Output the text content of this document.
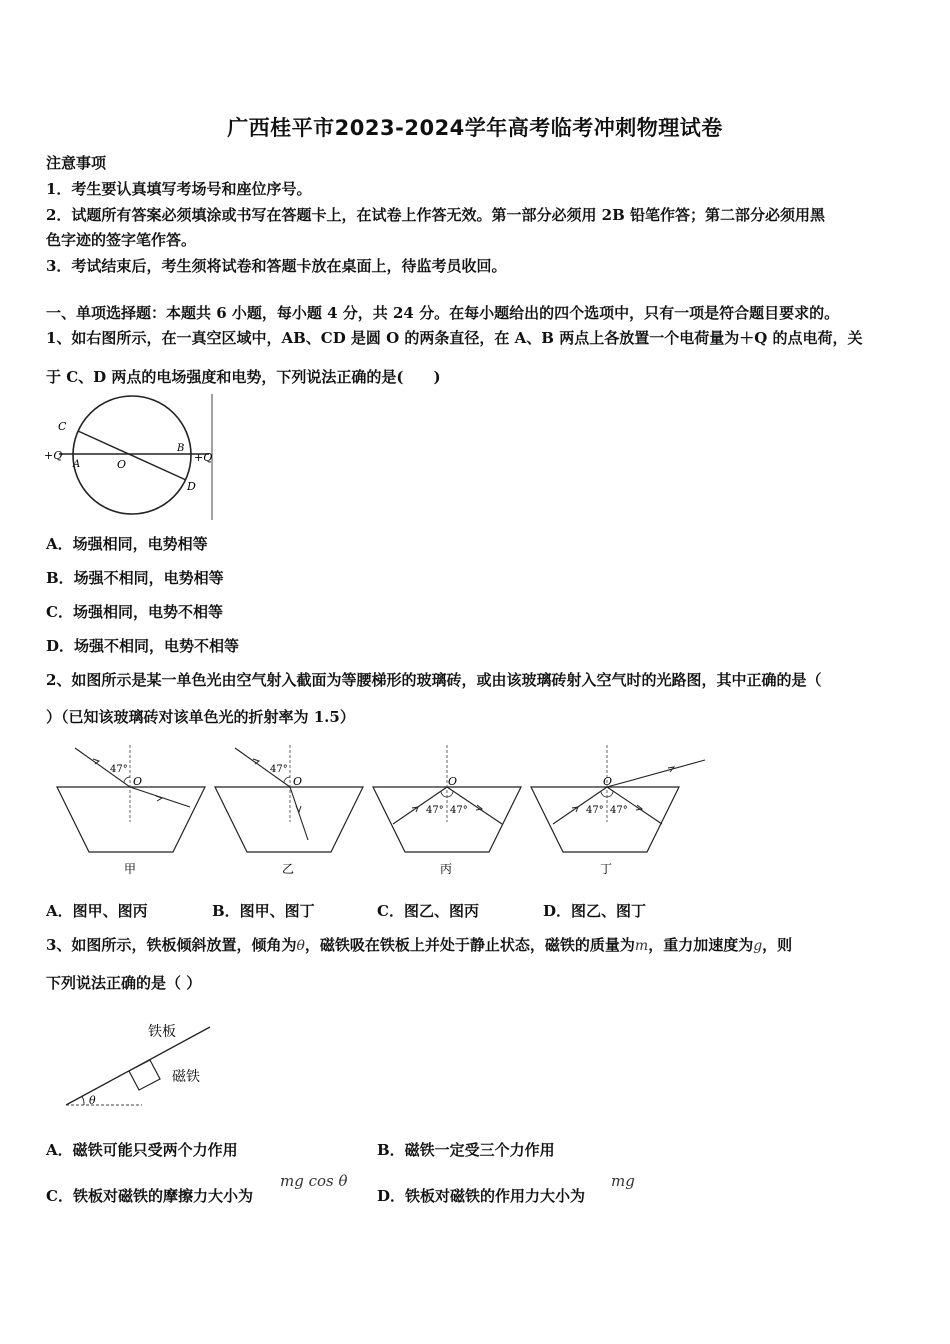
广西桂平市2023-2024学年高考临考冲刺物理试卷
注意事项
1．考生要认真填写考场号和座位序号。
2．试题所有答案必须填涂或书写在答题卡上，在试卷上作答无效。第一部分必须用 2B 铅笔作答；第二部分必须用黑
色字迹的签字笔作答。
3．考试结束后，考生须将试卷和答题卡放在桌面上，待监考员收回。
一、单项选择题：本题共 6 小题，每小题 4 分，共 24 分。在每小题给出的四个选项中，只有一项是符合题目要求的。
1、如右图所示，在一真空区域中，AB、CD 是圆 O 的两条直径，在 A、B 两点上各放置一个电荷量为＋Q 的点电荷，关
于 C、D 两点的电场强度和电势，下列说法正确的是(　　)
C
+Q
A	O
B
+Q
D
A．场强相同，电势相等
B．场强不相同，电势相等
C．场强相同，电势不相等
D．场强不相同，电势不相等
2、如图所示是某一单色光由空气射入截面为等腰梯形的玻璃砖，或由该玻璃砖射入空气时的光路图，其中正确的是（
）（已知该玻璃砖对该单色光的折射率为 1.5）
47°
O
甲
47°
O
乙
47° 47°
O
丙
47° 47°
O
丁
A．图甲、图丙	B．图甲、图丁	C．图乙、图丙	D．图乙、图丁
3、如图所示，铁板倾斜放置，倾角为θ，磁铁吸在铁板上并处于静止状态，磁铁的质量为m，重力加速度为g，则
下列说法正确的是（ ）
铁板
磁铁
θ
A．磁铁可能只受两个力作用	B．磁铁一定受三个力作用
C．铁板对磁铁的摩擦力大小为
mg cos θ
D．铁板对磁铁的作用力大小为
mg
